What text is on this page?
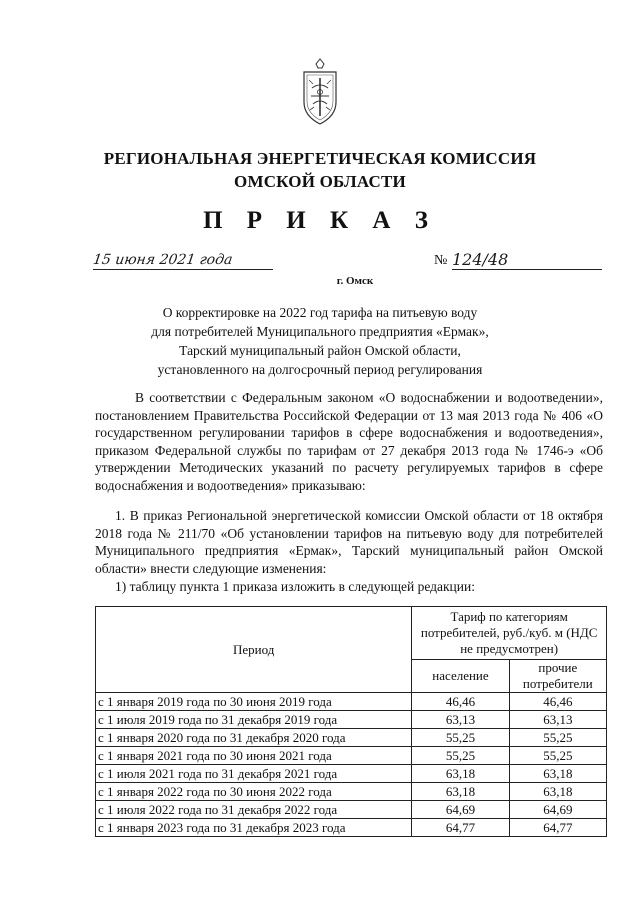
РЕГИОНАЛЬНАЯ ЭНЕРГЕТИЧЕСКАЯ КОМИССИЯ
ОМСКОЙ ОБЛАСТИ
П Р И К А З
15 июня 2021 года	№ 124/48
г. Омск
О корректировке на 2022 год тарифа на питьевую воду
для потребителей Муниципального предприятия «Ермак»,
Тарский муниципальный район Омской области,
установленного на долгосрочный период регулирования
В соответствии с Федеральным законом «О водоснабжении и водоотведении», постановлением Правительства Российской Федерации от 13 мая 2013 года № 406 «О государственном регулировании тарифов в сфере водоснабжения и водоотведения», приказом Федеральной службы по тарифам от 27 декабря 2013 года № 1746-э «Об утверждении Методических указаний по расчету регулируемых тарифов в сфере водоснабжения и водоотведения» приказываю:
1. В приказ Региональной энергетической комиссии Омской области от 18 октября 2018 года № 211/70 «Об установлении тарифов на питьевую воду для потребителей Муниципального предприятия «Ермак», Тарский муниципальный район Омской области» внести следующие изменения:
1) таблицу пункта 1 приказа изложить в следующей редакции:
Период	Тариф по категориям потребителей, руб./куб. м (НДС не предусмотрен)	
	население	прочие потребители
с 1 января 2019 года по 30 июня 2019 года	46,46	46,46
с 1 июля 2019 года по 31 декабря 2019 года	63,13	63,13
с 1 января 2020 года по 31 декабря 2020 года	55,25	55,25
с 1 января 2021 года по 30 июня 2021 года	55,25	55,25
с 1 июля 2021 года по 31 декабря 2021 года	63,18	63,18
с 1 января 2022 года по 30 июня 2022 года	63,18	63,18
с 1 июля 2022 года по 31 декабря 2022 года	64,69	64,69
с 1 января 2023 года по 31 декабря 2023 года	64,77	64,77
